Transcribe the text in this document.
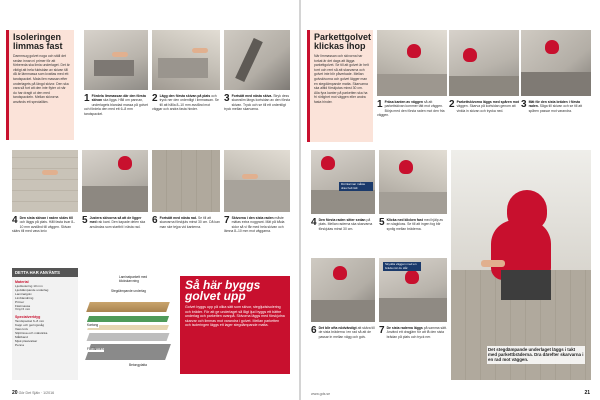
Isoleringen
limmas fast
Dammsug golvet noga och ställ det sedan innan ni primer för att förbereda ska limia underlaget. Det är viktigt att hela fuktsidan av skivan tål då är lämmassa som kvattas med ett tandspackel. Mata ilen massan efter underlagets på längd skivor. Den ska vara så fort att den inte flyter ut när du har dragit ut den med tandspackeln. Mellan skivorna används ett specialläm.	1 Fördela limmassan där den första skivan ska ligga. Håll om pannan, underlagets blandad massa på golvet och fördela den med ett 6–8 mm tandspackel.
2 Lägg den första skivan på plats och tryck ner den ordentligt i limmassan. Se till att hålla 8–10 mm avstånd mot väggar och andra fasta hinder.
3 Fortsätt med nästa skiva. Stryk dess skarvslim längs kortsidan av den första skivan. Tryck och se till ett ordentligt tryck mellan skarvarna.
4 Den sista skivan i raden skärs till och läggs på plats. Håll fasta kvar 8–10 mm avstånd till väggen. Skivan skärs till med vass kniv.
5 Justera skivorna så att de ligger med rak kant. Den kapade delen ska användas som startbit i nästa rad.
6 Fortsätt med nästa rad. Se till att skarvarna förskjuts minst 30 cm. Då kan man ske tejpa vid kanterna.
7 Skivorna i den sista raden måste mätas extra noggrant. Mät på båda sidor så vi får med hela skivan och lämna 8–10 mm mot väggarna.
DETTA HAR ANVÄNTS
Material
Ljudisolering 10 mm
Ljuddämpande underlag
Laminatgolv
Limblandning
Primer
Fästmassa
Vinyl 6 mm
Specialverktyg
Tandspackel 6–8 mm
Kapp och geringssåg
Vass kniv
Sliptrissa och mätsticka
Måttband
Mjuk plastvalsar
Penna
Laminatparkett med klickskarvning
Stegdämpande underlag
Kartong
Fixtitämnen
Betongplatta
Så här byggs golvet upp

Golvet byggs upp på olika sätt som skivor, stegljudsisolering och bräder. För att ge underlaget så lågt ljud byggs ett bättre underlag och parketten ovanpå. Skivorna läggs med förskjutna skarvar och limmas mot varandra i golvet. Mellan parketten och isoleringen läggs ett lager stegdämpande matta.

20 Gör Det Själv · 1/2016
Parkettgolvet
klickas ihop
När limmassan och skivorna har torkat är det dags att lägga parkettgolvet. Se till att golvet är helt torrt och rent så att skarvarna och golvet inte blir påverkade. Mellan golvskivorna och golvet lägger man en stegdämpande matta. Skarvarna ska alltid förskjutas minst 30 cm. Alla fyra kanter på parketten ska ha fri rörlighet mot väggen eller andra fasta hinder.	1 Fräsa kanten av väggen så att parkettskivan kommer tätt mot väggen. Börja med den första raden mot den fria väggen.
2 Parkettskivorna läggs med spåren mot väggen. Skarva på kortsidan genom att vinkla in skivan och trycka ned.
3 Mät för den sista bräden i första raden. Såga till skivan och se till att spåren passar mot varandra.
Dörrkarmar måste dras helt tätt
4 Den första raden sitter sedan på plats. Mellan raderna ska skarvarna förskjutas minst 30 cm.
5 Klicka ned klicken fast med hjälp av en slagkloss. Se till att ingen fog blir synlig mellan bräderna.
Skydda väggen med en bräda när du slår
6 Det blir ofta nödvändigt att skära till de sista bräderna i en rad så att de passar in mellan vägg och golv.
7 De sista raderna läggs på samma sätt. Använd ett dragjärn för att få den sista brädan på plats och tryck ner.
Det stegdämpande underlaget läggs i takt med parkettbräderna. Dra därefter skarvarna i en rad mot väggen.
www.gds.se	21
